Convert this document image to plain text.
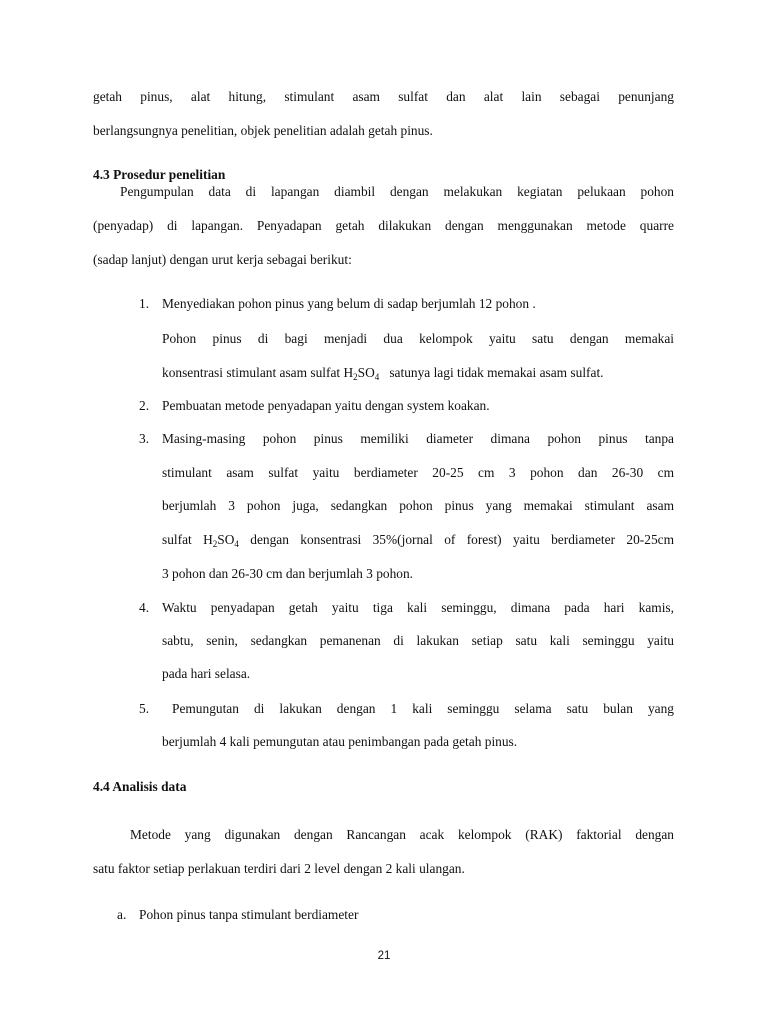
getah pinus, alat hitung, stimulant asam sulfat dan alat lain sebagai penunjang
berlangsungnya penelitian, objek penelitian adalah getah pinus.
4.3 Prosedur penelitian
Pengumpulan data di lapangan diambil dengan melakukan kegiatan pelukaan pohon
(penyadap) di lapangan. Penyadapan getah dilakukan dengan menggunakan metode quarre
(sadap lanjut) dengan urut kerja sebagai berikut:
1. Menyediakan pohon pinus yang belum di sadap berjumlah 12 pohon .
Pohon pinus di bagi menjadi dua kelompok yaitu satu dengan memakai
konsentrasi stimulant asam sulfat $H_2SO_4$   satunya lagi tidak memakai asam sulfat.
2. Pembuatan metode penyadapan yaitu dengan system koakan.
3. Masing-masing pohon pinus memiliki diameter dimana pohon pinus tanpa
stimulant asam sulfat yaitu berdiameter 20-25 cm 3 pohon dan 26-30 cm
berjumlah 3 pohon juga, sedangkan pohon pinus yang memakai stimulant asam
sulfat $H_2SO_4$ dengan konsentrasi 35%(jornal of forest) yaitu berdiameter 20-25cm
3 pohon dan 26-30 cm dan berjumlah 3 pohon.
4. Waktu penyadapan getah yaitu tiga kali seminggu, dimana pada hari kamis,
sabtu, senin, sedangkan pemanenan di lakukan setiap satu kali seminggu yaitu
pada hari selasa.
5. Pemungutan di lakukan dengan 1 kali seminggu selama satu bulan yang
berjumlah 4 kali pemungutan atau penimbangan pada getah pinus.
4.4 Analisis data
Metode yang digunakan dengan Rancangan acak kelompok (RAK) faktorial dengan
satu faktor setiap perlakuan terdiri dari 2 level dengan 2 kali ulangan.
a. Pohon pinus tanpa stimulant berdiameter
21
